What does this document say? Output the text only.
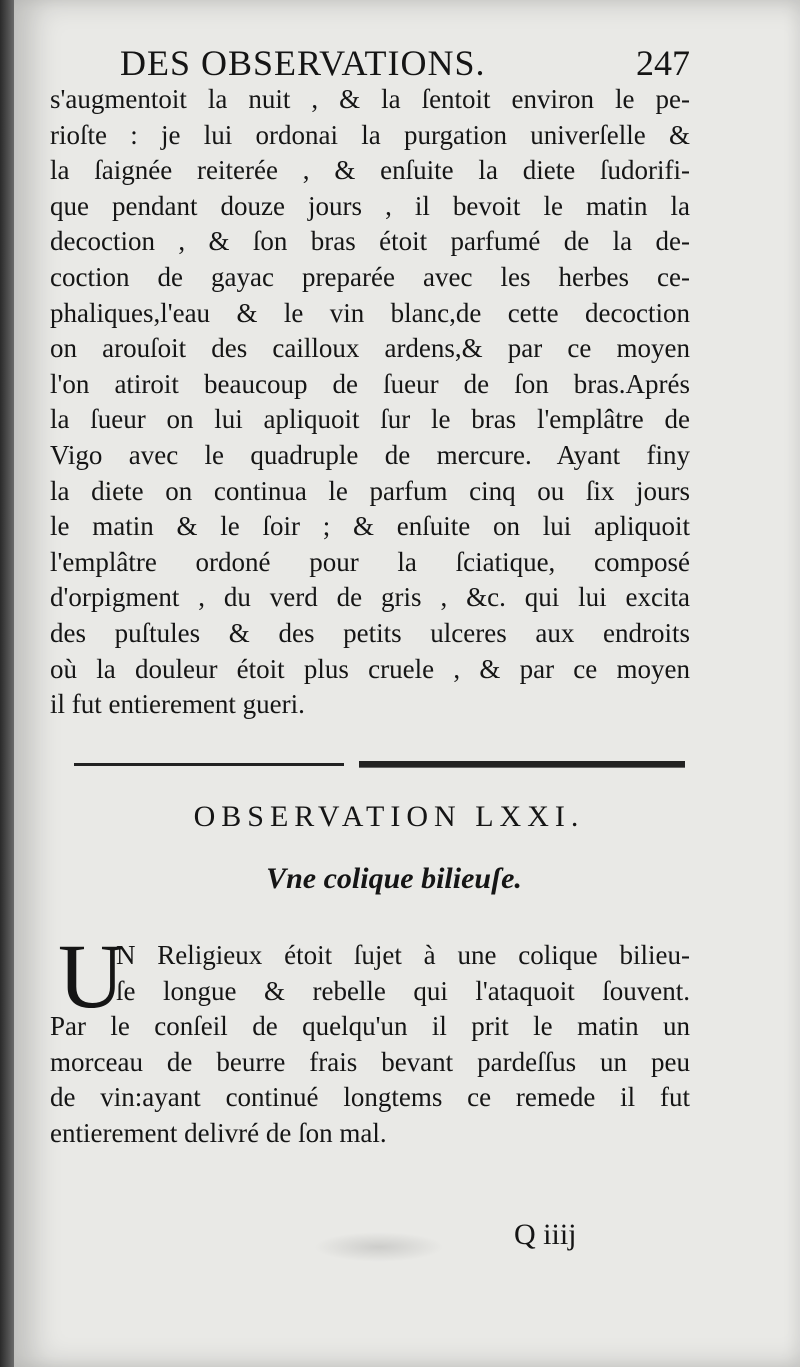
DES OBSERVATIONS.	247
s'augmentoit la nuit , & la ſentoit environ le pe-
rioſte : je lui ordonai la purgation univerſelle &
la ſaignée reiterée , & enſuite la diete ſudorifi-
que pendant douze jours , il bevoit le matin la
decoction , & ſon bras étoit parfumé de la de-
coction de gayac preparée avec les herbes ce-
phaliques,l'eau & le vin blanc,de cette decoction
on arouſoit des cailloux ardens,& par ce moyen
l'on atiroit beaucoup de ſueur de ſon bras.Aprés
la ſueur on lui apliquoit ſur le bras l'emplâtre de
Vigo avec le quadruple de mercure. Ayant finy
la diete on continua le parfum cinq ou ſix jours
le matin & le ſoir ; & enſuite on lui apliquoit
l'emplâtre ordoné pour la ſciatique, composé
d'orpigment , du verd de gris , &c. qui lui excita
des puſtules & des petits ulceres aux endroits
où la douleur étoit plus cruele , & par ce moyen
il fut entierement gueri.
OBSERVATION LXXI.
Vne colique bilieuſe.
U
N Religieux étoit ſujet à une colique bilieu-
ſe longue & rebelle qui l'ataquoit ſouvent.
Par le conſeil de quelqu'un il prit le matin un
morceau de beurre frais bevant pardeſſus un peu
de vin:ayant continué longtems ce remede il fut
entierement delivré de ſon mal.
Q iiij
